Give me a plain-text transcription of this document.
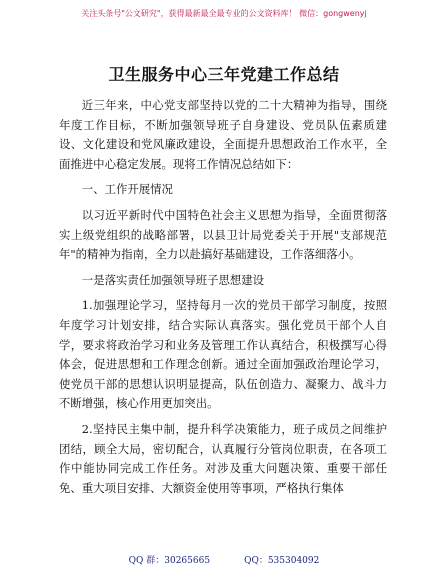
关注头条号"公文研究"，获得最新最全最专业的公文资料库！ 微信：gongwenyj
卫生服务中心三年党建工作总结

近三年来，中心党支部坚持以党的二十大精神为指导，围绕年度工作目标，不断加强领导班子自身建设、党员队伍素质建设、文化建设和党风廉政建设，全面提升思想政治工作水平，全面推进中心稳定发展。现将工作情况总结如下：

一、工作开展情况

以习近平新时代中国特色社会主义思想为指导，全面贯彻落实上级党组织的战略部署，以县卫计局党委关于开展"支部规范年"的精神为指南，全力以赴搞好基础建设，工作落细落小。

一是落实责任加强领导班子思想建设

1.加强理论学习，坚持每月一次的党员干部学习制度，按照年度学习计划安排，结合实际认真落实。强化党员干部个人自学，要求将政治学习和业务及管理工作认真结合，积极撰写心得体会，促进思想和工作理念创新。通过全面加强政治理论学习，使党员干部的思想认识明显提高，队伍创造力、凝聚力、战斗力不断增强，核心作用更加突出。

2.坚持民主集中制，提升科学决策能力，班子成员之间维护团结，顾全大局，密切配合，认真履行分管岗位职责，在各项工作中能协同完成工作任务。对涉及重大问题决策、重要干部任免、重大项目安排、大额资金使用等事项，严格执行集体

QQ 群：30265665	QQ：535304092
